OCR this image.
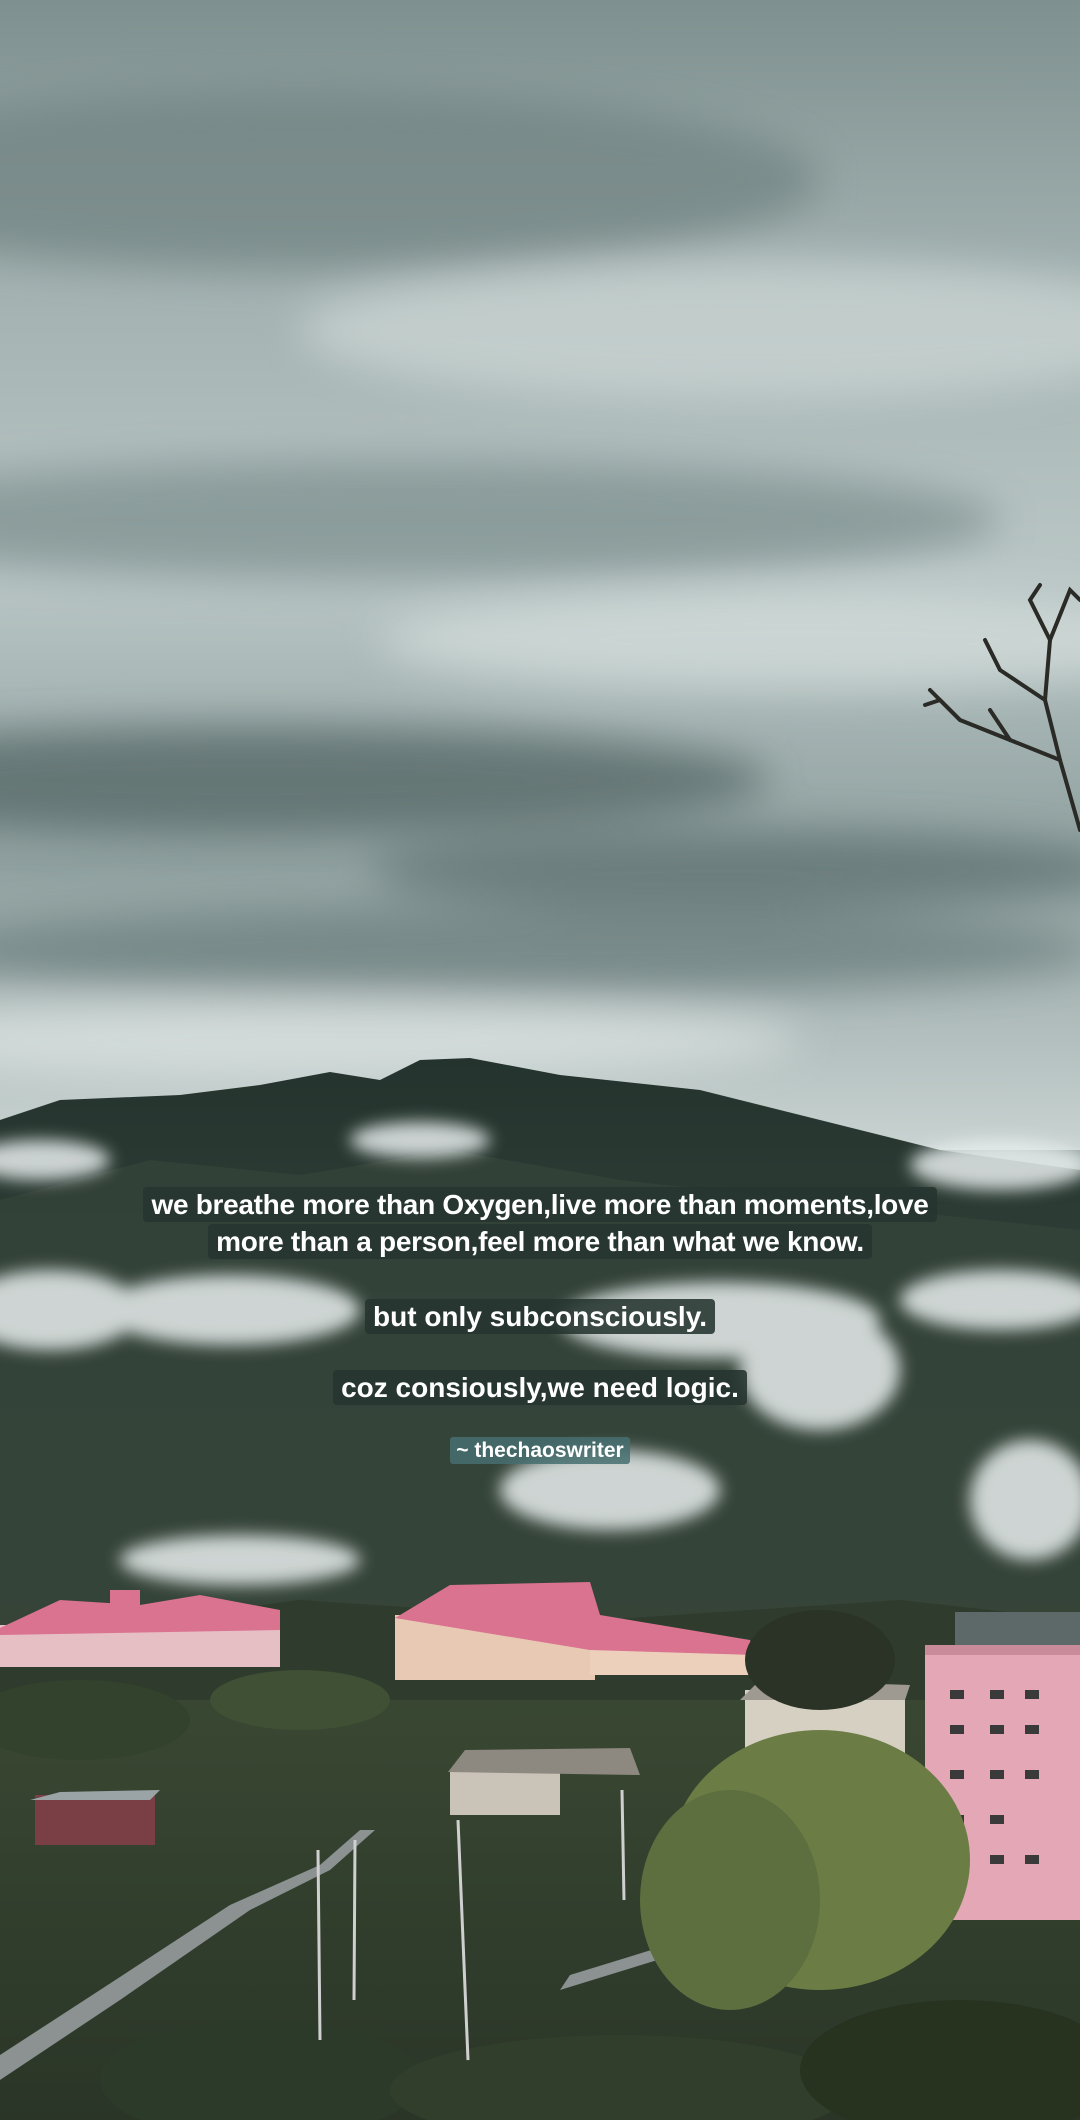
we breathe more than Oxygen,live more than moments,love more than a person,feel more than what we know.
but only subconsciously.
coz consiously,we need logic.
~ thechaoswriter
